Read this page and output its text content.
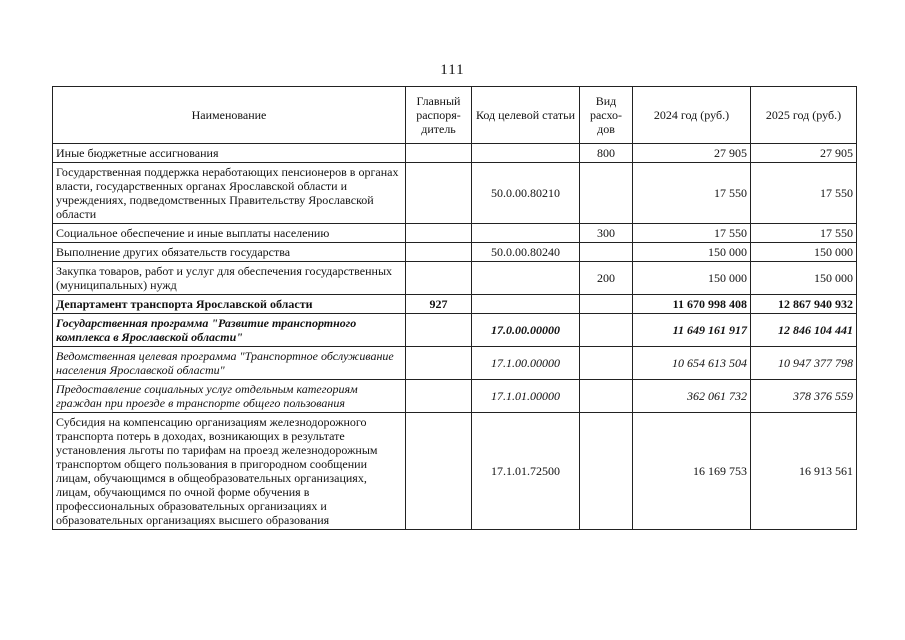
111
Наименование	Главный распоря-дитель	Код целевой статьи	Вид расхо-дов	2024 год (руб.)	2025 год (руб.)
Иные бюджетные ассигнования			800	27 905	27 905
Государственная поддержка неработающих пенсионеров в органах власти, государственных органах Ярославской области и учреждениях, подведомственных Правительству Ярославской области		50.0.00.80210		17 550	17 550
Социальное обеспечение и иные выплаты населению			300	17 550	17 550
Выполнение других обязательств государства		50.0.00.80240		150 000	150 000
Закупка товаров, работ и услуг для обеспечения государственных (муниципальных) нужд			200	150 000	150 000
Департамент транспорта Ярославской области	927			11 670 998 408	12 867 940 932
Государственная программа "Развитие транспортного комплекса в Ярославской области"		17.0.00.00000		11 649 161 917	12 846 104 441
Ведомственная целевая программа "Транспортное обслуживание населения Ярославской области"		17.1.00.00000		10 654 613 504	10 947 377 798
Предоставление социальных услуг отдельным категориям граждан при проезде в транспорте общего пользования		17.1.01.00000		362 061 732	378 376 559
Субсидия на компенсацию организациям железнодорожного транспорта потерь в доходах, возникающих в результате установления льготы по тарифам на проезд железнодорожным транспортом общего пользования в пригородном сообщении лицам, обучающимся в общеобразовательных организациях, лицам, обучающимся по очной форме обучения в профессиональных образовательных организациях и образовательных организациях высшего образования		17.1.01.72500		16 169 753	16 913 561
